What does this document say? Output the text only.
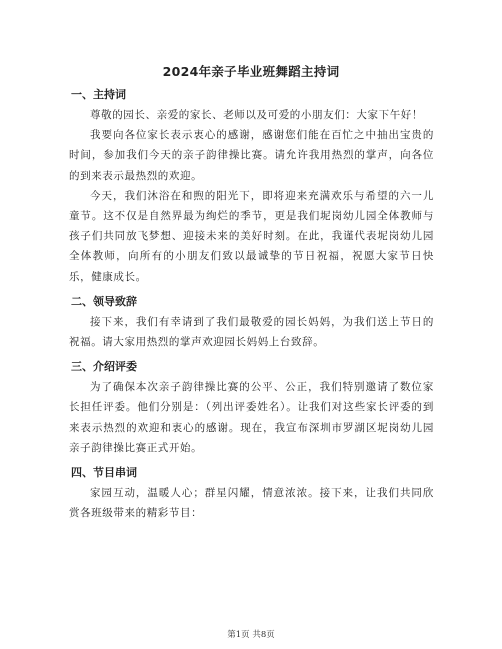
2024年亲子毕业班舞蹈主持词
一、主持词
尊敬的园长、亲爱的家长、老师以及可爱的小朋友们：大家下午好！
我要向各位家长表示衷心的感谢，感谢您们能在百忙之中抽出宝贵的时间，参加我们今天的亲子韵律操比赛。请允许我用热烈的掌声，向各位的到来表示最热烈的欢迎。
今天，我们沐浴在和煦的阳光下，即将迎来充满欢乐与希望的六一儿童节。这不仅是自然界最为绚烂的季节，更是我们坭岗幼儿园全体教师与孩子们共同放飞梦想、迎接未来的美好时刻。在此，我谨代表坭岗幼儿园全体教师，向所有的小朋友们致以最诚挚的节日祝福，祝愿大家节日快乐，健康成长。
二、领导致辞
接下来，我们有幸请到了我们最敬爱的园长妈妈，为我们送上节日的祝福。请大家用热烈的掌声欢迎园长妈妈上台致辞。
三、介绍评委
为了确保本次亲子韵律操比赛的公平、公正，我们特别邀请了数位家长担任评委。他们分别是：（列出评委姓名）。让我们对这些家长评委的到来表示热烈的欢迎和衷心的感谢。现在，我宣布深圳市罗湖区坭岗幼儿园亲子韵律操比赛正式开始。
四、节目串词
家园互动，温暖人心；群星闪耀，情意浓浓。接下来，让我们共同欣赏各班级带来的精彩节目：
第1页 共8页
